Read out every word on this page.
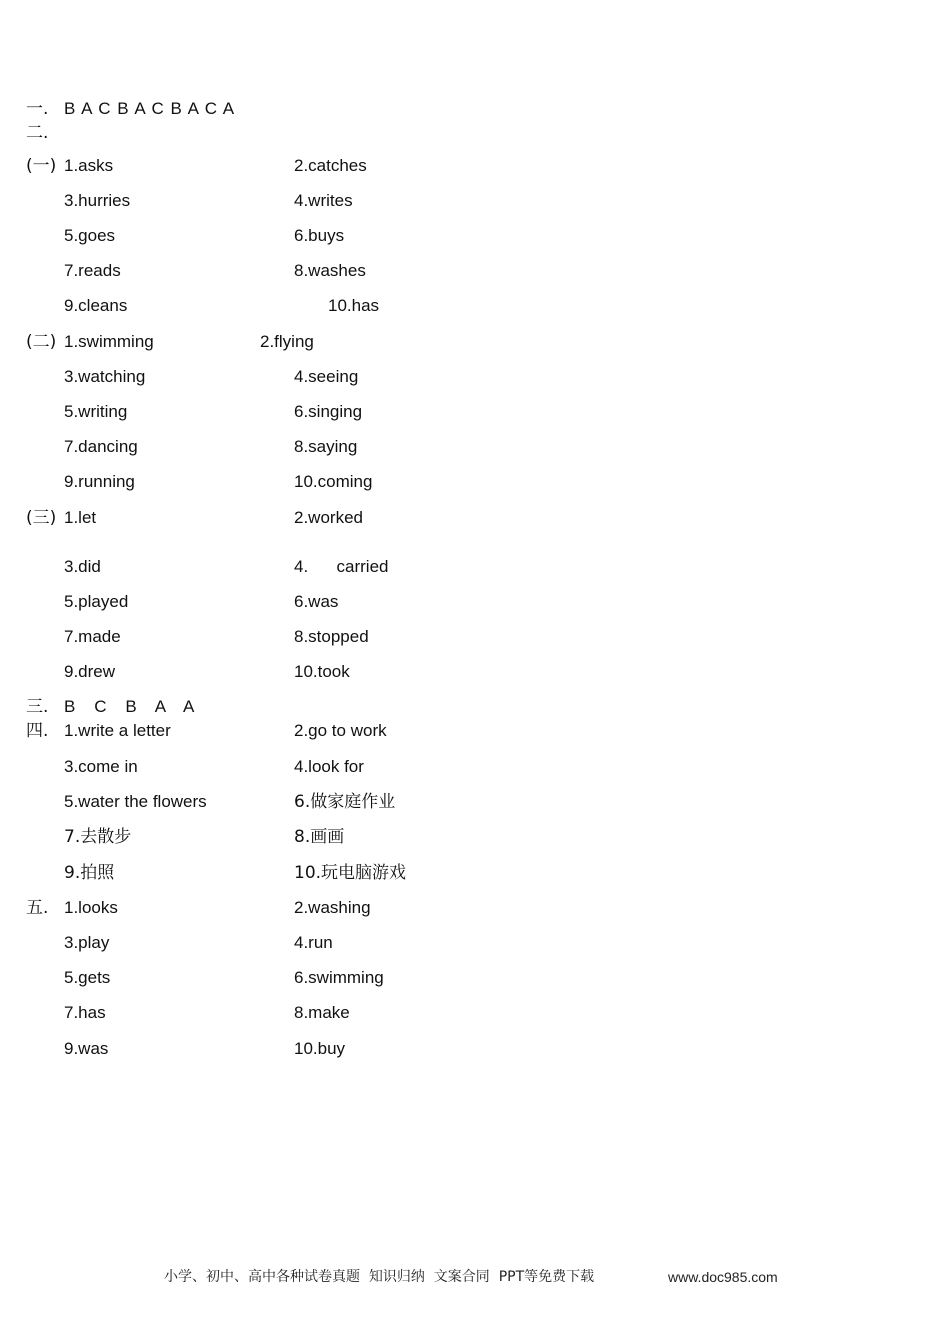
一. B A C B A C B A C A
二.
(一) 1.asks	2.catches
3.hurries	4.writes
5.goes	6.buys
7.reads	8.washes
9.cleans	10.has
(二) 1.swimming	2.flying
3.watching	4.seeing
5.writing	6.singing
7.dancing	8.saying
9.running	10.coming
(三) 1.let	2.worked
3.did	4.      carried
5.played	6.was
7.made	8.stopped
9.drew	10.took
三. B    C    B    A    A
四. 1.write a letter	2.go to work
3.come in	4.look for
5.water the flowers	6.做家庭作业
7.去散步	8.画画
9.拍照	10.玩电脑游戏
五. 1.looks	2.washing
3.play	4.run
5.gets	6.swimming
7.has	8.make
9.was	10.buy
小学、初中、高中各种试卷真题  知识归纳  文案合同  PPT等免费下载	www.doc985.com
